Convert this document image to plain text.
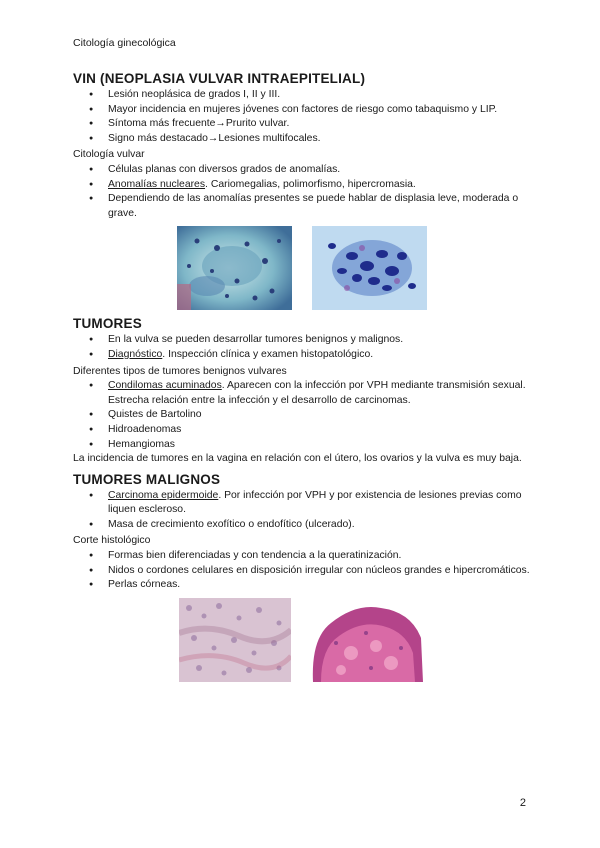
Citología ginecológica
VIN (NEOPLASIA VULVAR INTRAEPITELIAL)
● Lesión neoplásica de grados I, II y III.
● Mayor incidencia en mujeres jóvenes con factores de riesgo como tabaquismo y LIP.
● Síntoma más frecuente→Prurito vulvar.
● Signo más destacado→Lesiones multifocales.

Citología vulvar

● Células planas con diversos grados de anomalías.
● Anomalías nucleares. Cariomegalias, polimorfismo, hipercromasia.
● Dependiendo de las anomalías presentes se puede hablar de displasia leve, moderada o grave.
TUMORES
● En la vulva se pueden desarrollar tumores benignos y malignos.
● Diagnóstico. Inspección clínica y examen histopatológico.

Diferentes tipos de tumores benignos vulvares

● Condilomas acuminados. Aparecen con la infección por VPH mediante transmisión sexual. Estrecha relación entre la infección y el desarrollo de carcinomas.
● Quistes de Bartolino
● Hidroadenomas
● Hemangiomas

La incidencia de tumores en la vagina en relación con el útero, los ovarios y la vulva es muy baja.

TUMORES MALIGNOS
● Carcinoma epidermoide. Por infección por VPH y por existencia de lesiones previas como liquen escleroso.
● Masa de crecimiento exofítico o endofítico (ulcerado).

Corte histológico

● Formas bien diferenciadas y con tendencia a la queratinización.
● Nidos o cordones celulares en disposición irregular con núcleos grandes e hipercromáticos.
● Perlas córneas.
2
